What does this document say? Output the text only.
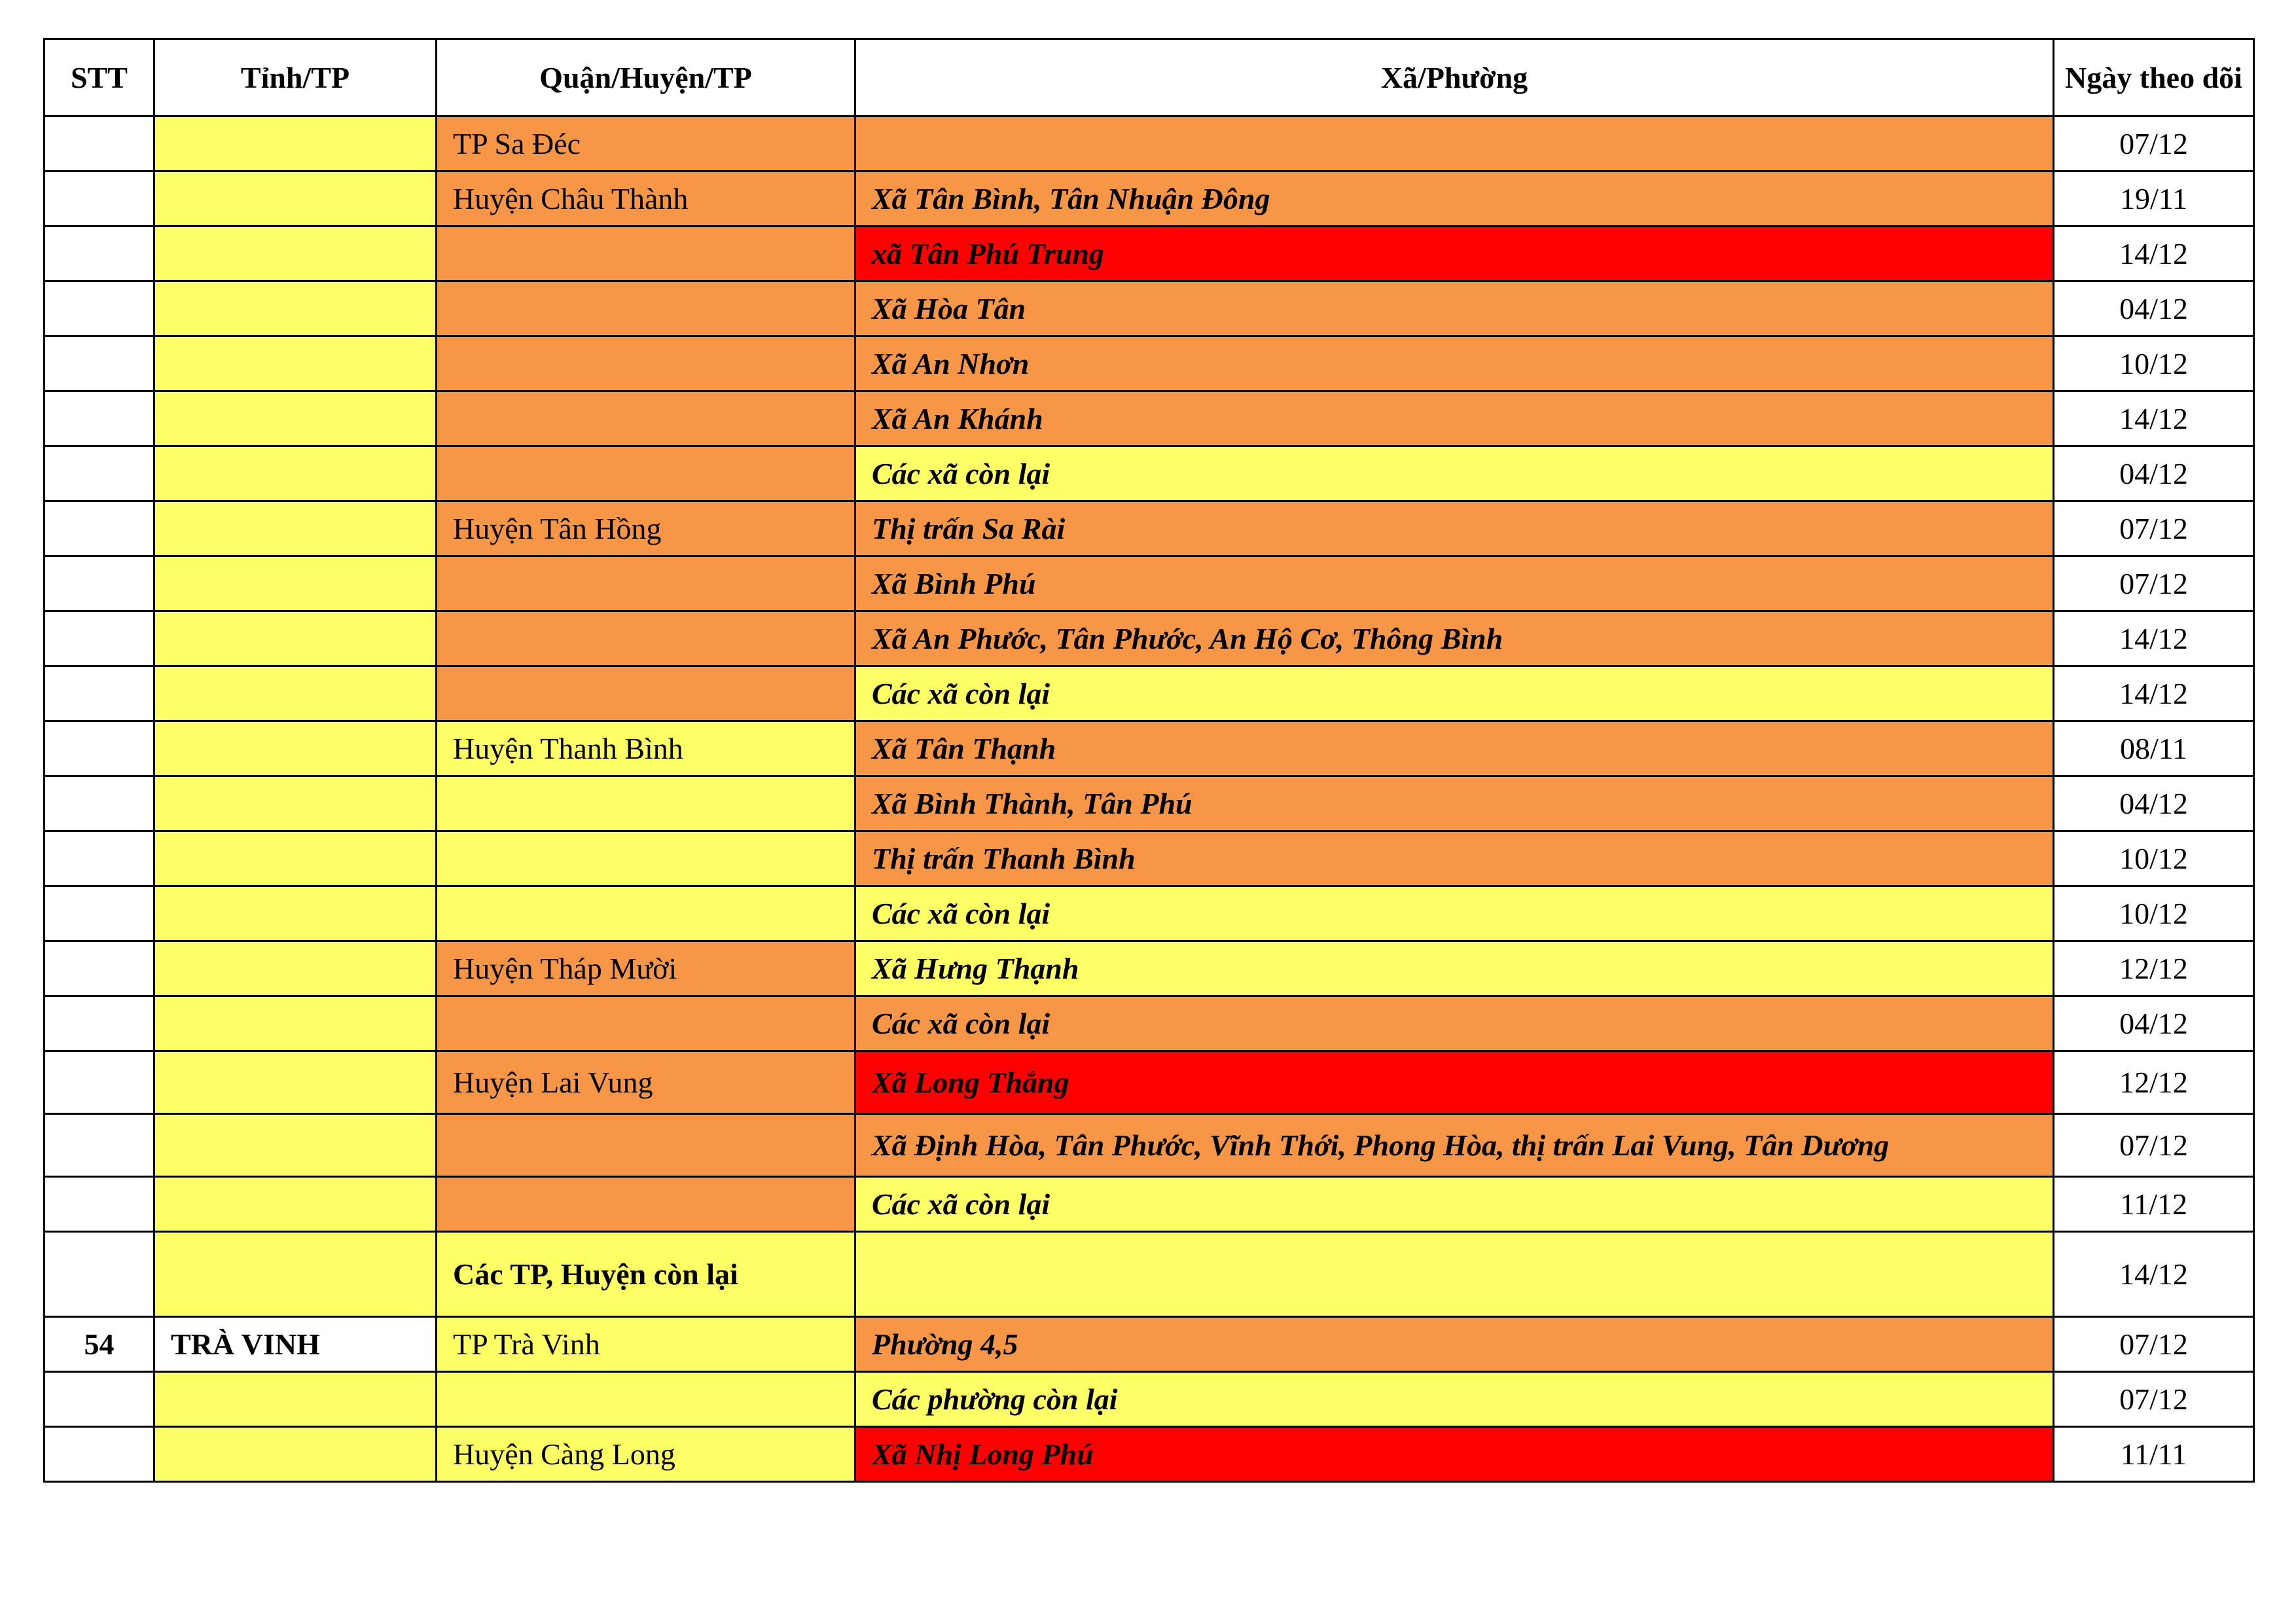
STT	Tỉnh/TP	Quận/Huyện/TP	Xã/Phường	Ngày theo dõi
		TP Sa Đéc		07/12
		Huyện Châu Thành	Xã Tân Bình, Tân Nhuận Đông	19/11
			xã Tân Phú Trung	14/12
			Xã Hòa Tân	04/12
			Xã An Nhơn	10/12
			Xã An Khánh	14/12
			Các xã còn lại	04/12
		Huyện Tân Hồng	Thị trấn Sa Rài	07/12
			Xã Bình Phú	07/12
			Xã An Phước, Tân Phước, An Hộ Cơ, Thông Bình	14/12
			Các xã còn lại	14/12
		Huyện Thanh Bình	Xã Tân Thạnh	08/11
			Xã Bình Thành, Tân Phú	04/12
			Thị trấn Thanh Bình	10/12
			Các xã còn lại	10/12
		Huyện Tháp Mười	Xã Hưng Thạnh	12/12
			Các xã còn lại	04/12
		Huyện Lai Vung	Xã Long Thắng	12/12
			Xã Định Hòa, Tân Phước, Vĩnh Thới, Phong Hòa, thị trấn Lai Vung, Tân Dương	07/12
			Các xã còn lại	11/12
		Các TP, Huyện còn lại		14/12
54	TRÀ VINH	TP Trà Vinh	Phường 4,5	07/12
			Các phường còn lại	07/12
		Huyện Càng Long	Xã Nhị Long Phú	11/11
